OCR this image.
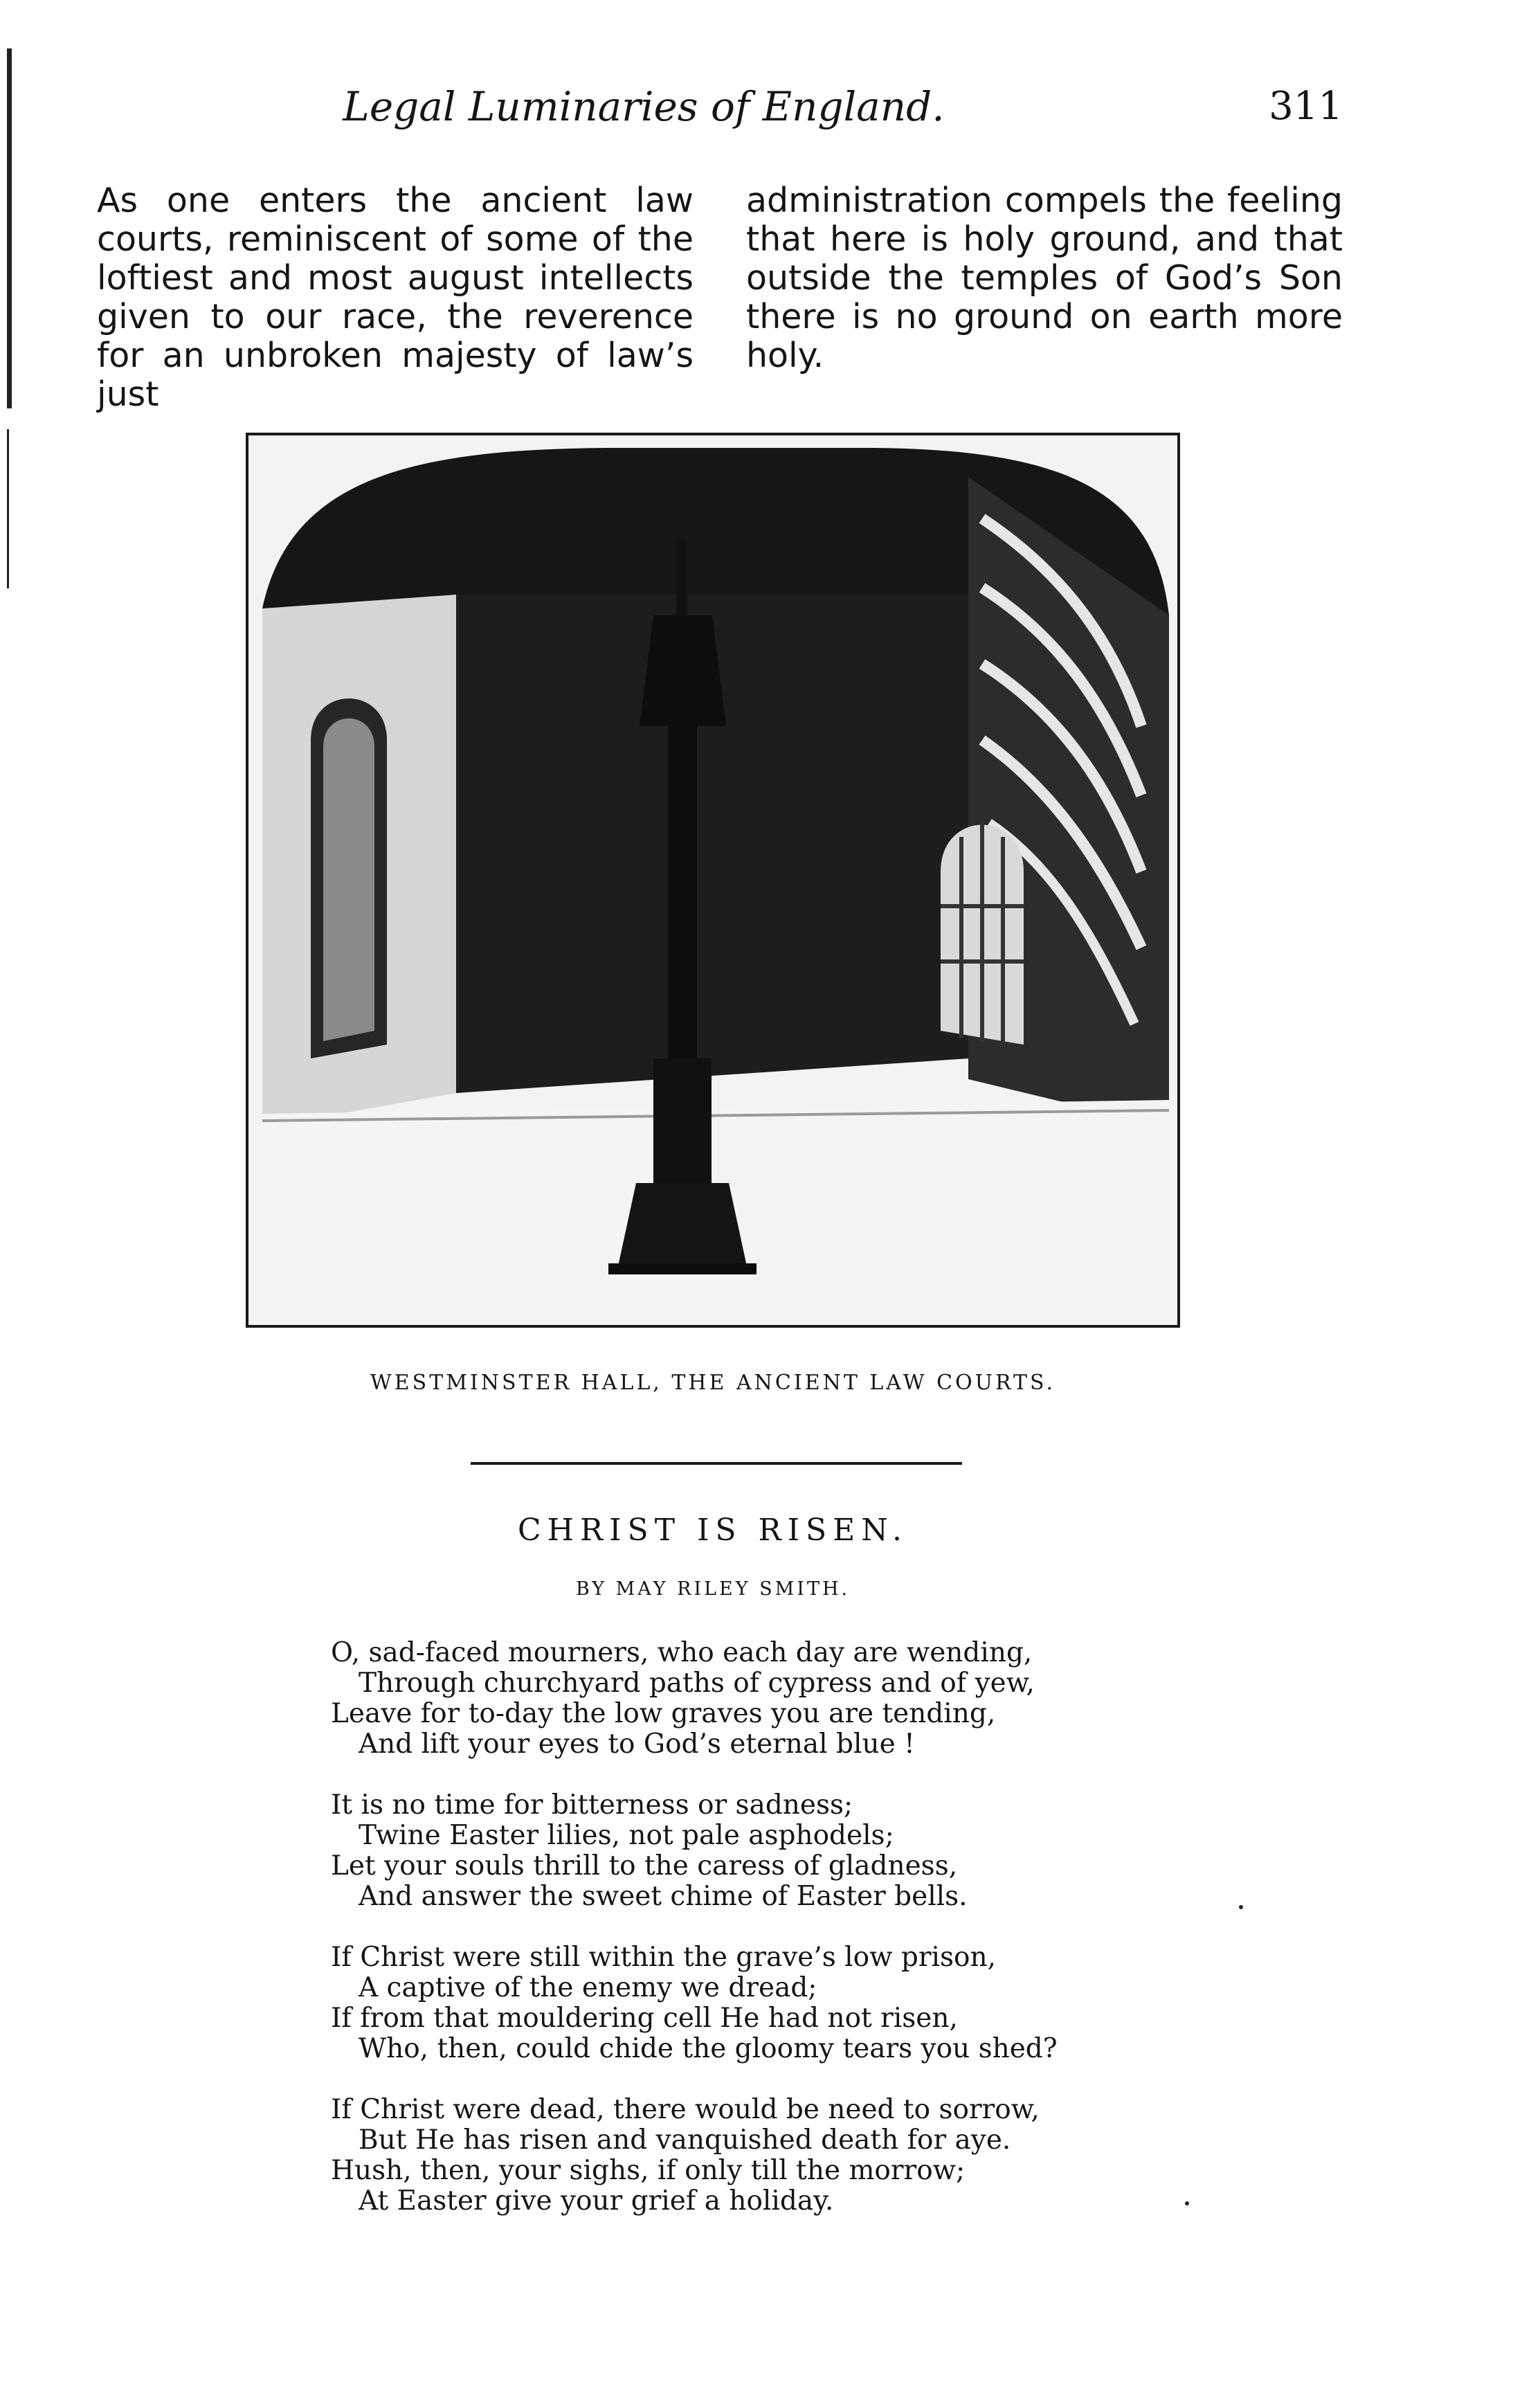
Legal Luminaries of England.	311

As one enters the ancient law courts, reminiscent of some of the loftiest and most august intellects given to our race, the reverence for an unbroken majesty of law’s just

administration compels the feeling that here is holy ground, and that outside the temples of God’s Son there is no ground on earth more holy.

WESTMINSTER HALL, THE ANCIENT LAW COURTS.
CHRIST IS RISEN.
BY MAY RILEY SMITH.
O, sad-faced mourners, who each day are wending,
Through churchyard paths of cypress and of yew,
Leave for to-day the low graves you are tending,
And lift your eyes to God’s eternal blue !
It is no time for bitterness or sadness;
Twine Easter lilies, not pale asphodels;
Let your souls thrill to the caress of gladness,
And answer the sweet chime of Easter bells.
If Christ were still within the grave’s low prison,
A captive of the enemy we dread;
If from that mouldering cell He had not risen,
Who, then, could chide the gloomy tears you shed?
If Christ were dead, there would be need to sorrow,
But He has risen and vanquished death for aye.
Hush, then, your sighs, if only till the morrow;
At Easter give your grief a holiday.
